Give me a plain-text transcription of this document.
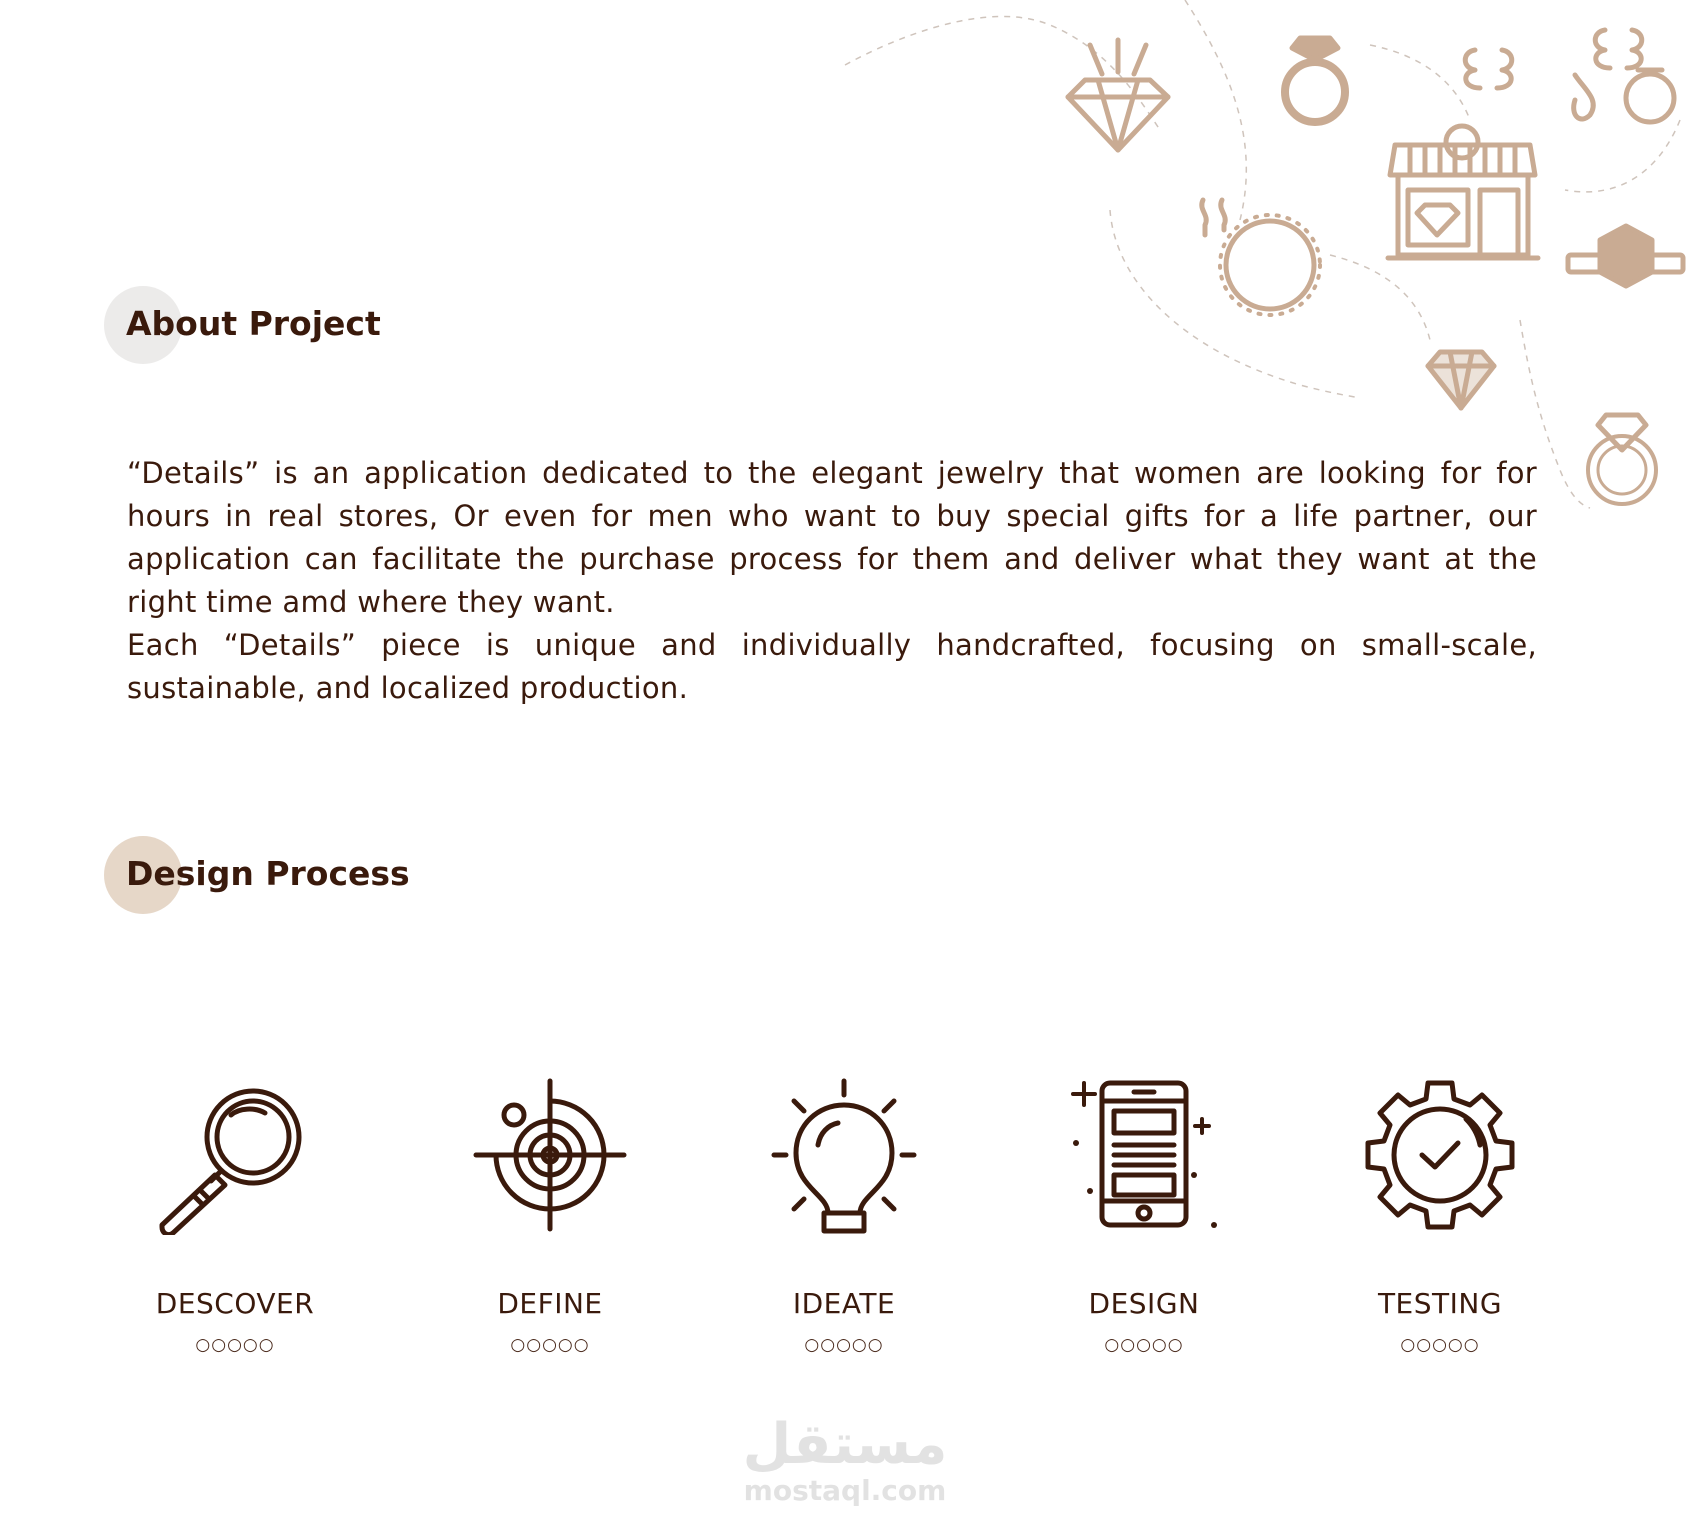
About Project

“Details” is an application dedicated to the elegant jewelry that women are looking for for hours in real stores, Or even for men who want to buy special gifts for a life partner, our application can facilitate the purchase process for them and deliver what they want at the right time amd where they want.

Each “Details” piece is unique and individually handcrafted, focusing on small-scale, sustainable, and localized production.

Design Process
DESCOVER
○○○○○
DEFINE
○○○○○
IDEATE
○○○○○
DESIGN
○○○○○
TESTING
○○○○○
مستقل
mostaql.com
